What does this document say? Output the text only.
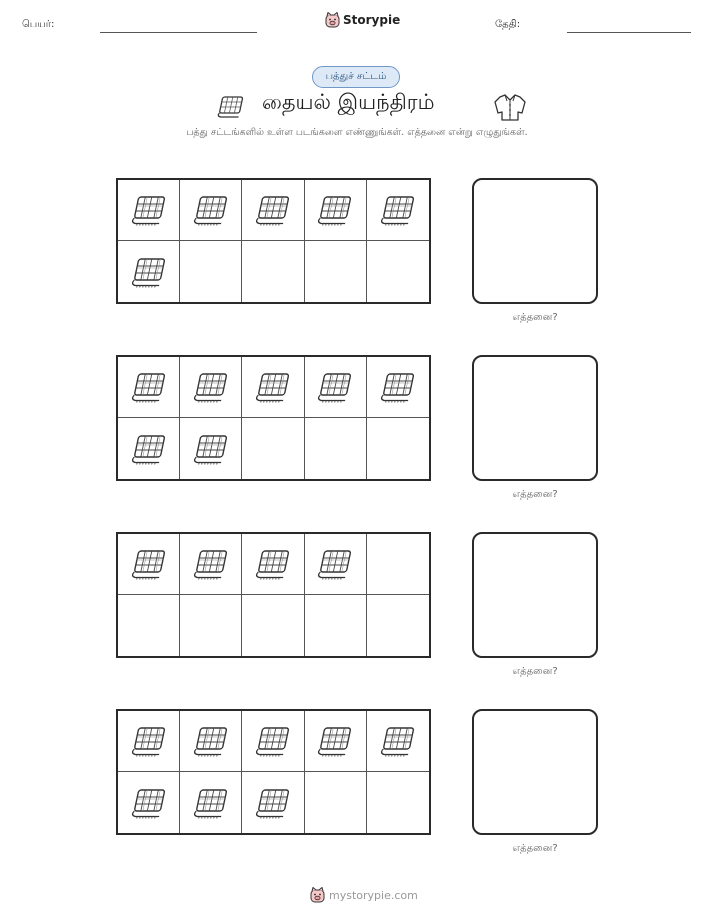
பெயர்:	Storypie	தேதி:
பத்துச் சட்டம்
தையல் இயந்திரம்
பத்து சட்டங்களில் உள்ள படங்களை எண்ணுங்கள். எத்தனை என்று எழுதுங்கள்.
எத்தனை?
எத்தனை?
எத்தனை?
எத்தனை?
mystorypie.com
